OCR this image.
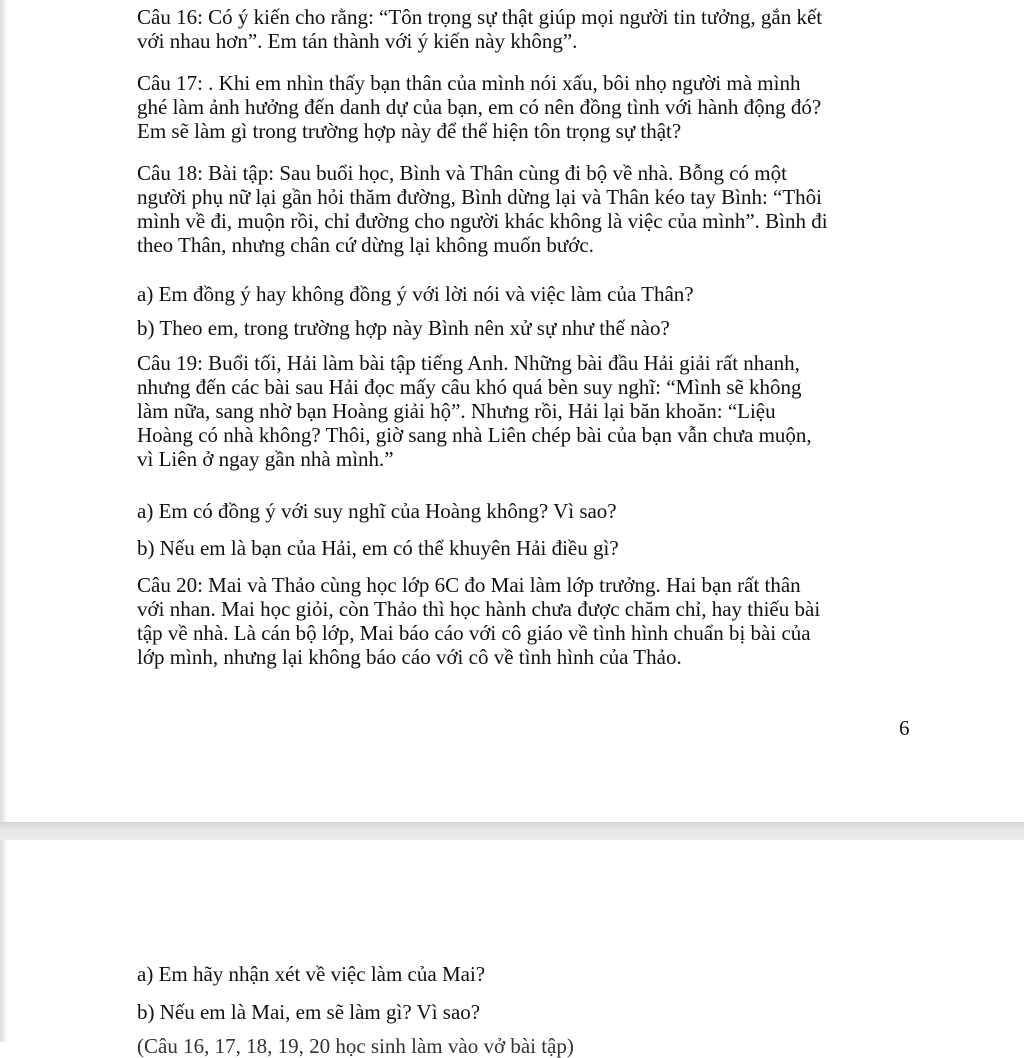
Câu 16: Có ý kiến cho rằng: “Tôn trọng sự thật giúp mọi người tin tưởng, gắn kết
với nhau hơn”. Em tán thành với ý kiến này không”.

Câu 17: . Khi em nhìn thấy bạn thân của mình nói xấu, bôi nhọ người mà mình
ghé làm ảnh hưởng đến danh dự của bạn, em có nên đồng tình với hành động đó?
Em sẽ làm gì trong trường hợp này để thể hiện tôn trọng sự thật?

Câu 18: Bài tập: Sau buổi học, Bình và Thân cùng đi bộ về nhà. Bỗng có một
người phụ nữ lại gần hỏi thăm đường, Bình dừng lại và Thân kéo tay Bình: “Thôi
mình về đi, muộn rồi, chỉ đường cho người khác không là việc của mình”. Bình đi
theo Thân, nhưng chân cứ dừng lại không muốn bước.

a) Em đồng ý hay không đồng ý với lời nói và việc làm của Thân?

b) Theo em, trong trường hợp này Bình nên xử sự như thế nào?

Câu 19: Buổi tối, Hải làm bài tập tiếng Anh. Những bài đầu Hải giải rất nhanh,
nhưng đến các bài sau Hải đọc mấy câu khó quá bèn suy nghĩ: “Mình sẽ không
làm nữa, sang nhờ bạn Hoàng giải hộ”. Nhưng rồi, Hải lại băn khoăn: “Liệu
Hoàng có nhà không? Thôi, giờ sang nhà Liên chép bài của bạn vẫn chưa muộn,
vì Liên ở ngay gần nhà mình.”

a) Em có đồng ý với suy nghĩ của Hoàng không? Vì sao?

b) Nếu em là bạn của Hải, em có thể khuyên Hải điều gì?

Câu 20: Mai và Thảo cùng học lớp 6C đo Mai làm lớp trưởng. Hai bạn rất thân
với nhan. Mai học giỏi, còn Thảo thì học hành chưa được chăm chỉ, hay thiếu bài
tập về nhà. Là cán bộ lớp, Mai báo cáo với cô giáo về tình hình chuẩn bị bài của
lớp mình, nhưng lại không báo cáo với cô về tình hình của Thảo.

6

a) Em hãy nhận xét về việc làm của Mai?

b) Nếu em là Mai, em sẽ làm gì? Vì sao?

(Câu 16, 17, 18, 19, 20 học sinh làm vào vở bài tập)
